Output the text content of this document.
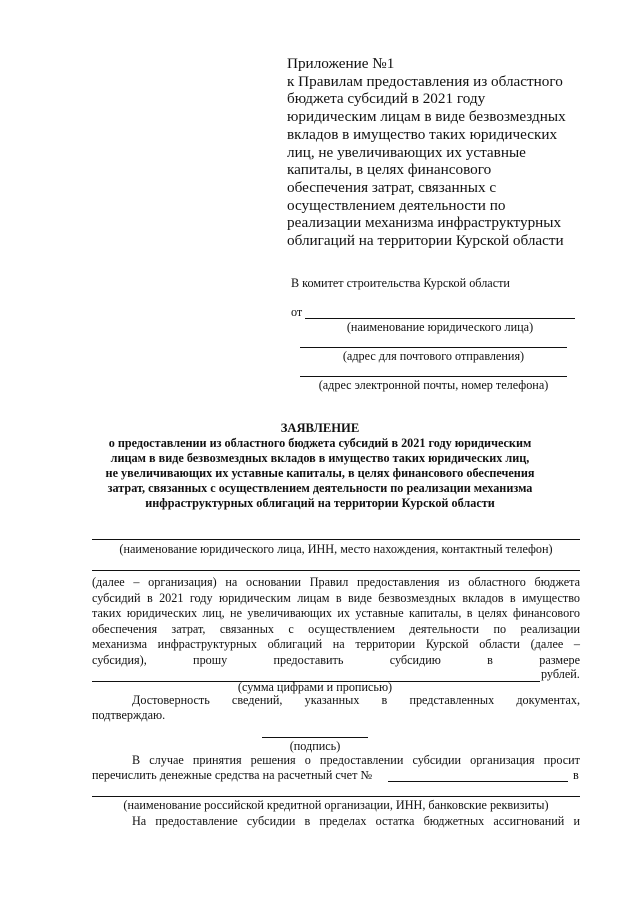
Приложение №1
к Правилам предоставления из областного
бюджета субсидий в 2021 году
юридическим лицам в виде безвозмездных
вкладов в имущество таких юридических
лиц, не увеличивающих их уставные
капиталы, в целях финансового
обеспечения затрат, связанных с
осуществлением деятельности по
реализации механизма инфраструктурных
облигаций на территории Курской области
В комитет строительства Курской области
от
(наименование юридического лица)
(адрес для почтового отправления)
(адрес электронной почты, номер телефона)
ЗАЯВЛЕНИЕ
о предоставлении из областного бюджета субсидий в 2021 году юридическим
лицам в виде безвозмездных вкладов в имущество таких юридических лиц,
не увеличивающих их уставные капиталы, в целях финансового обеспечения
затрат, связанных с осуществлением деятельности по реализации механизма
инфраструктурных облигаций на территории Курской области
(наименование юридического лица, ИНН, место нахождения, контактный телефон)
(далее – организация) на основании Правил предоставления из областного бюджета
субсидий в 2021 году юридическим лицам в виде безвозмездных вкладов в имущество
таких юридических лиц, не увеличивающих их уставные капиталы, в целях финансового
обеспечения затрат, связанных с осуществлением деятельности по реализации
механизма инфраструктурных облигаций на территории Курской области (далее –
субсидия), прошу предоставить субсидию в размере
рублей.
(сумма цифрами и прописью)
Достоверность сведений, указанных в представленных документах,
подтверждаю.
(подпись)
В случае принятия решения о предоставлении субсидии организация просит
перечислить денежные средства на расчетный счет №	в
(наименование российской кредитной организации, ИНН, банковские реквизиты)
На предоставление субсидии в пределах остатка бюджетных ассигнований и
